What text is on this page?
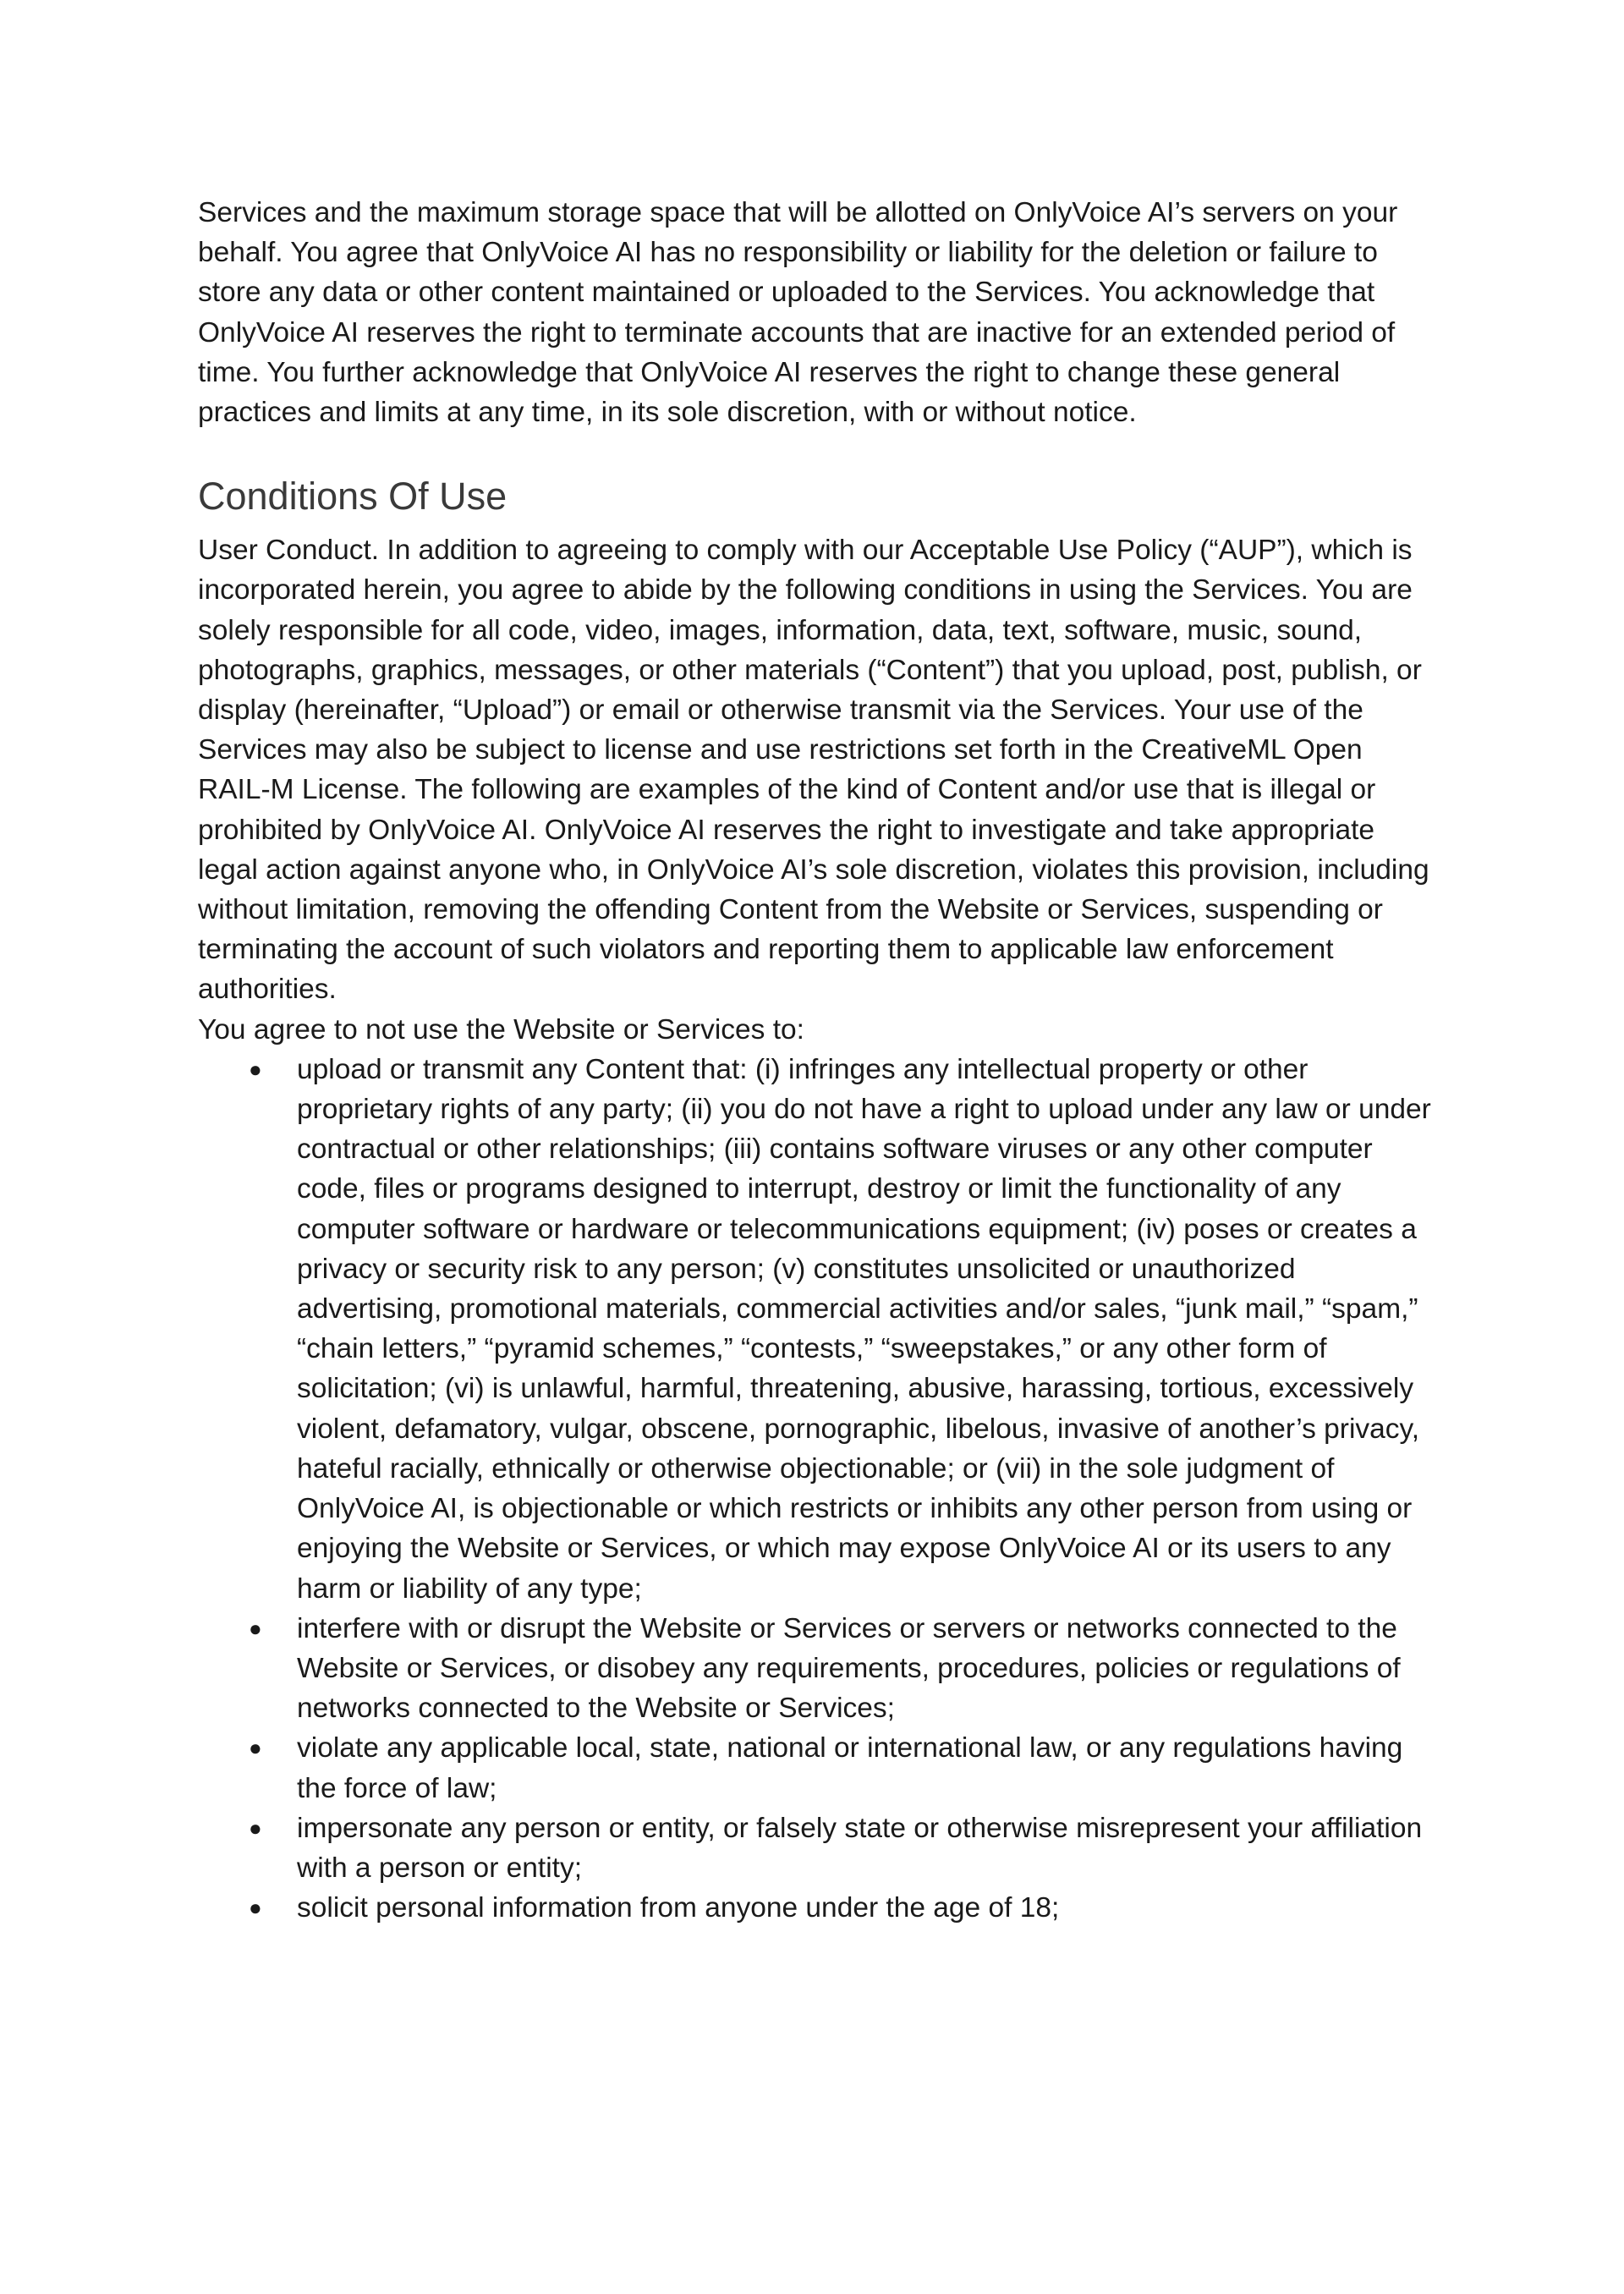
Services and the maximum storage space that will be allotted on OnlyVoice AI’s servers on your behalf. You agree that OnlyVoice AI has no responsibility or liability for the deletion or failure to store any data or other content maintained or uploaded to the Services. You acknowledge that OnlyVoice AI reserves the right to terminate accounts that are inactive for an extended period of time. You further acknowledge that OnlyVoice AI reserves the right to change these general practices and limits at any time, in its sole discretion, with or without notice.

Conditions Of Use

User Conduct. In addition to agreeing to comply with our Acceptable Use Policy (“AUP”), which is incorporated herein, you agree to abide by the following conditions in using the Services. You are solely responsible for all code, video, images, information, data, text, software, music, sound, photographs, graphics, messages, or other materials (“Content”) that you upload, post, publish, or display (hereinafter, “Upload”) or email or otherwise transmit via the Services. Your use of the Services may also be subject to license and use restrictions set forth in the CreativeML Open RAIL-M License. The following are examples of the kind of Content and/or use that is illegal or prohibited by OnlyVoice AI. OnlyVoice AI reserves the right to investigate and take appropriate legal action against anyone who, in OnlyVoice AI’s sole discretion, violates this provision, including without limitation, removing the offending Content from the Website or Services, suspending or terminating the account of such violators and reporting them to applicable law enforcement authorities.

You agree to not use the Website or Services to:

● upload or transmit any Content that: (i) infringes any intellectual property or other proprietary rights of any party; (ii) you do not have a right to upload under any law or under contractual or other relationships; (iii) contains software viruses or any other computer code, files or programs designed to interrupt, destroy or limit the functionality of any computer software or hardware or telecommunications equipment; (iv) poses or creates a privacy or security risk to any person; (v) constitutes unsolicited or unauthorized advertising, promotional materials, commercial activities and/or sales, “junk mail,” “spam,” “chain letters,” “pyramid schemes,” “contests,” “sweepstakes,” or any other form of solicitation; (vi) is unlawful, harmful, threatening, abusive, harassing, tortious, excessively violent, defamatory, vulgar, obscene, pornographic, libelous, invasive of another’s privacy, hateful racially, ethnically or otherwise objectionable; or (vii) in the sole judgment of OnlyVoice AI, is objectionable or which restricts or inhibits any other person from using or enjoying the Website or Services, or which may expose OnlyVoice AI or its users to any harm or liability of any type;
● interfere with or disrupt the Website or Services or servers or networks connected to the Website or Services, or disobey any requirements, procedures, policies or regulations of networks connected to the Website or Services;
● violate any applicable local, state, national or international law, or any regulations having the force of law;
● impersonate any person or entity, or falsely state or otherwise misrepresent your affiliation with a person or entity;
● solicit personal information from anyone under the age of 18;
